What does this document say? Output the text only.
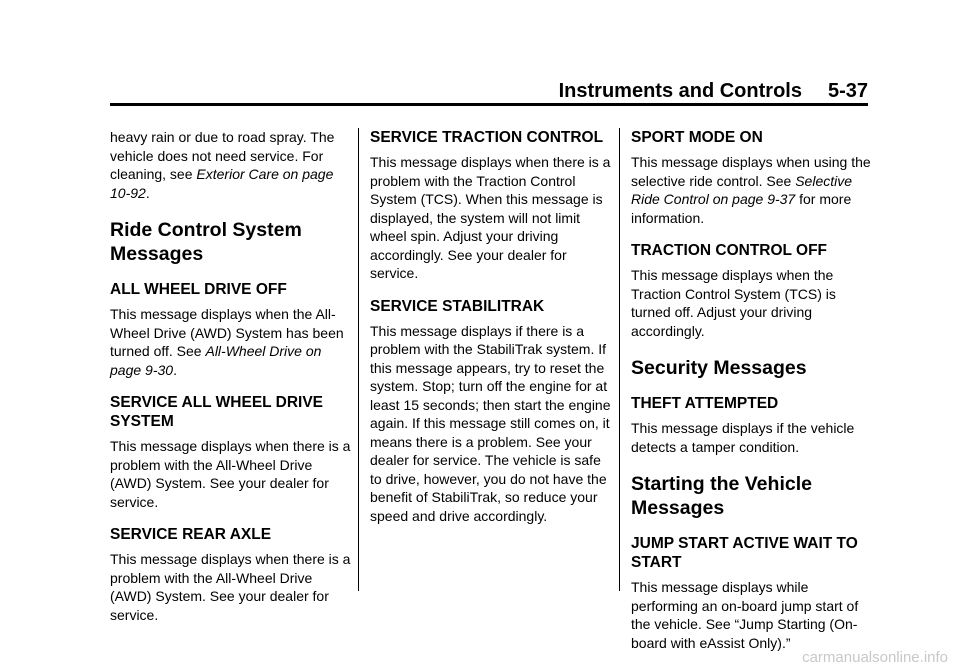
Instruments and Controls 5-37

heavy rain or due to road spray. The vehicle does not need service. For cleaning, see Exterior Care on page 10-92.

Ride Control System Messages
ALL WHEEL DRIVE OFF

This message displays when the All-Wheel Drive (AWD) System has been turned off. See All-Wheel Drive on page 9-30.

SERVICE ALL WHEEL DRIVE SYSTEM

This message displays when there is a problem with the All-Wheel Drive (AWD) System. See your dealer for service.

SERVICE REAR AXLE

This message displays when there is a problem with the All-Wheel Drive (AWD) System. See your dealer for service.

SERVICE TRACTION CONTROL

This message displays when there is a problem with the Traction Control System (TCS). When this message is displayed, the system will not limit wheel spin. Adjust your driving accordingly. See your dealer for service.

SERVICE STABILITRAK

This message displays if there is a problem with the StabiliTrak system. If this message appears, try to reset the system. Stop; turn off the engine for at least 15 seconds; then start the engine again. If this message still comes on, it means there is a problem. See your dealer for service. The vehicle is safe to drive, however, you do not have the benefit of StabiliTrak, so reduce your speed and drive accordingly.

SPORT MODE ON

This message displays when using the selective ride control. See Selective Ride Control on page 9-37 for more information.

TRACTION CONTROL OFF

This message displays when the Traction Control System (TCS) is turned off. Adjust your driving accordingly.

Security Messages
THEFT ATTEMPTED

This message displays if the vehicle detects a tamper condition.

Starting the Vehicle Messages
JUMP START ACTIVE WAIT TO START

This message displays while performing an on-board jump start of the vehicle. See “Jump Starting (On-board with eAssist Only).”

carmanualsonline.info
